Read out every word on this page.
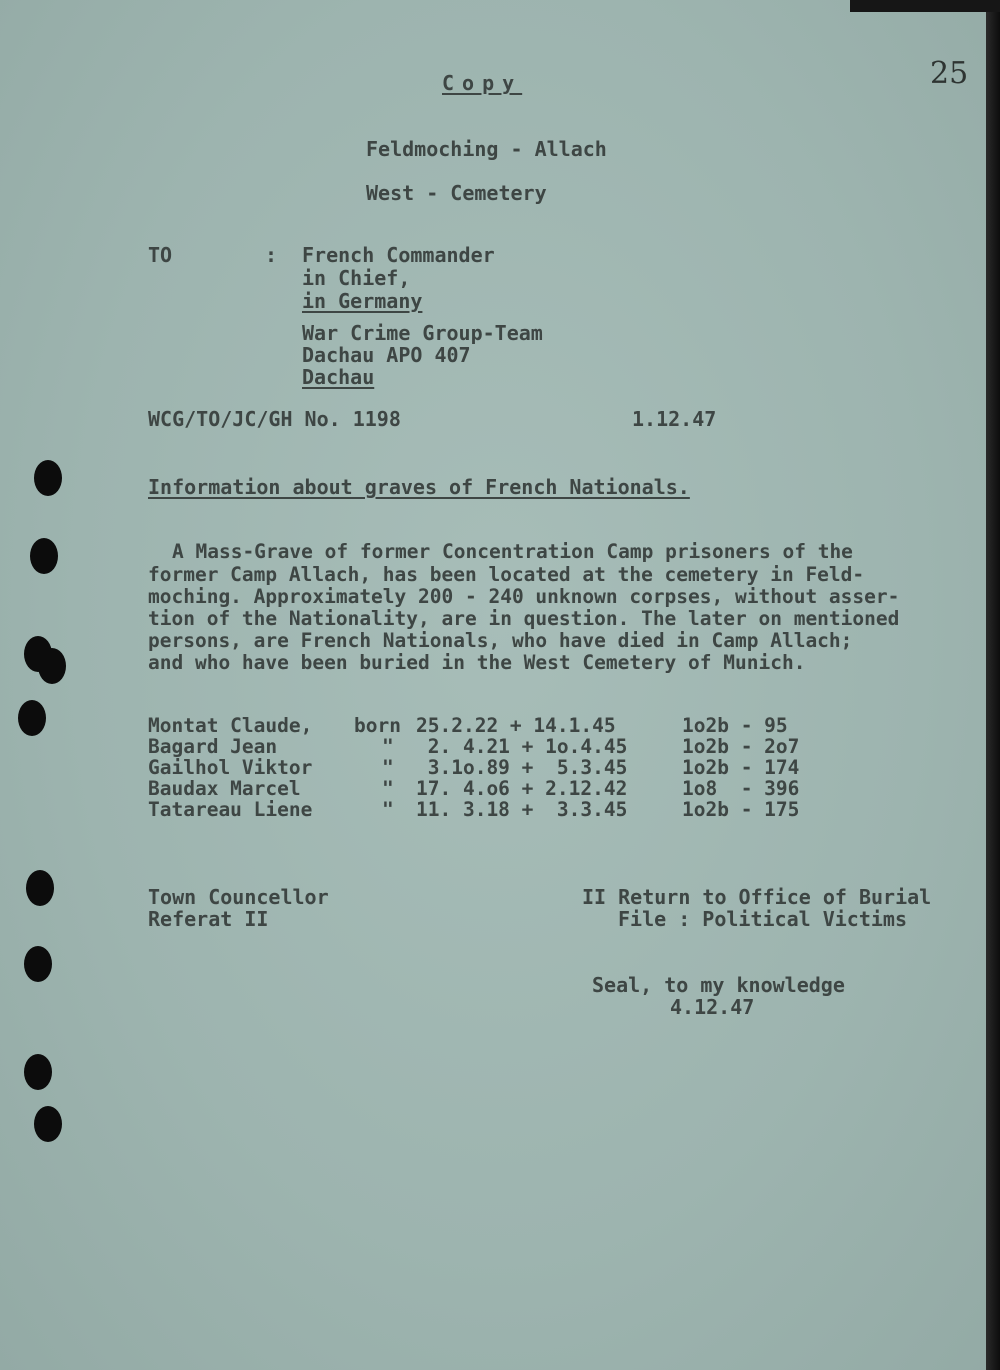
25
Copy
Feldmoching - Allach
West - Cemetery
TO	: French Commander
in Chief,
in Germany
War Crime Group-Team
Dachau APO 407
Dachau
WCG/TO/JC/GH No. 1198	1.12.47
Information about graves of French Nationals.
A Mass-Grave of former Concentration Camp prisoners of the
former Camp Allach, has been located at the cemetery in Feld-
moching. Approximately 200 - 240 unknown corpses, without asser-
tion of the Nationality, are in question. The later on mentioned
persons, are French Nationals, who have died in Camp Allach;
and who have been buried in the West Cemetery of Munich.
Montat Claude, born 25.2.22 + 14.1.45	1o2b - 95
Bagard Jean	" 2. 4.21 + 1o.4.45	1o2b - 2o7
Gailhol Viktor	" 3.1o.89 +  5.3.45	1o2b - 174
Baudax Marcel	" 17. 4.o6 + 2.12.42	1o8  - 396
Tatareau Liene	" 11. 3.18 +  3.3.45	1o2b - 175
Town Councellor
Referat II
II Return to Office of Burial
File : Political Victims
Seal, to my knowledge
4.12.47
